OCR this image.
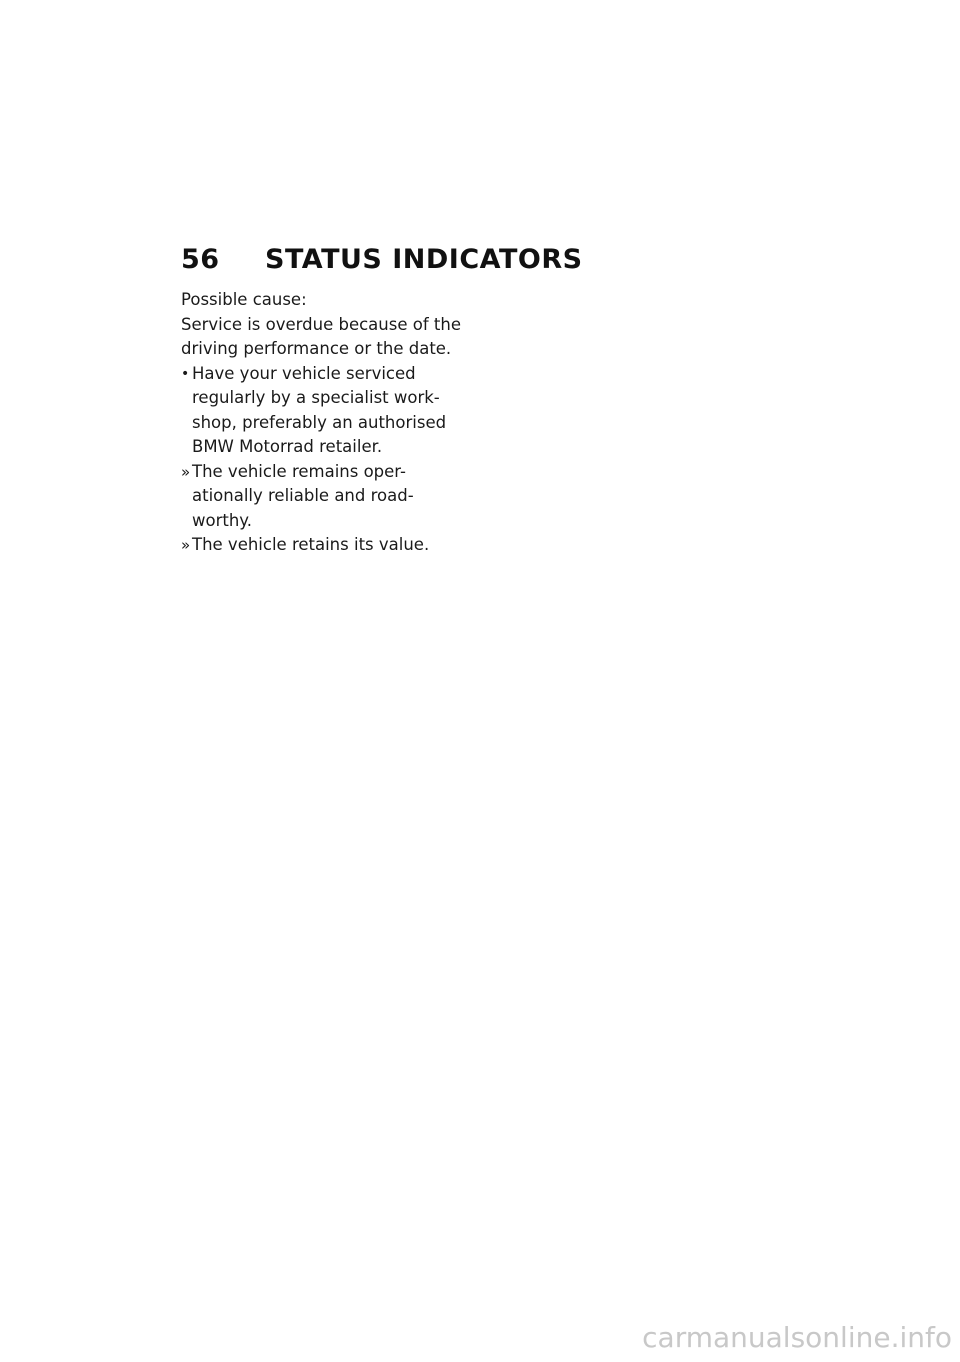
56	STATUS INDICATORS

Possible cause:

Service is overdue because of the driving performance or the date.

• Have your vehicle serviced regularly by a specialist work-shop, preferably an authorised BMW Motorrad retailer.
» The vehicle remains oper-ationally reliable and road-worthy.
» The vehicle retains its value.
carmanualsonline.info
